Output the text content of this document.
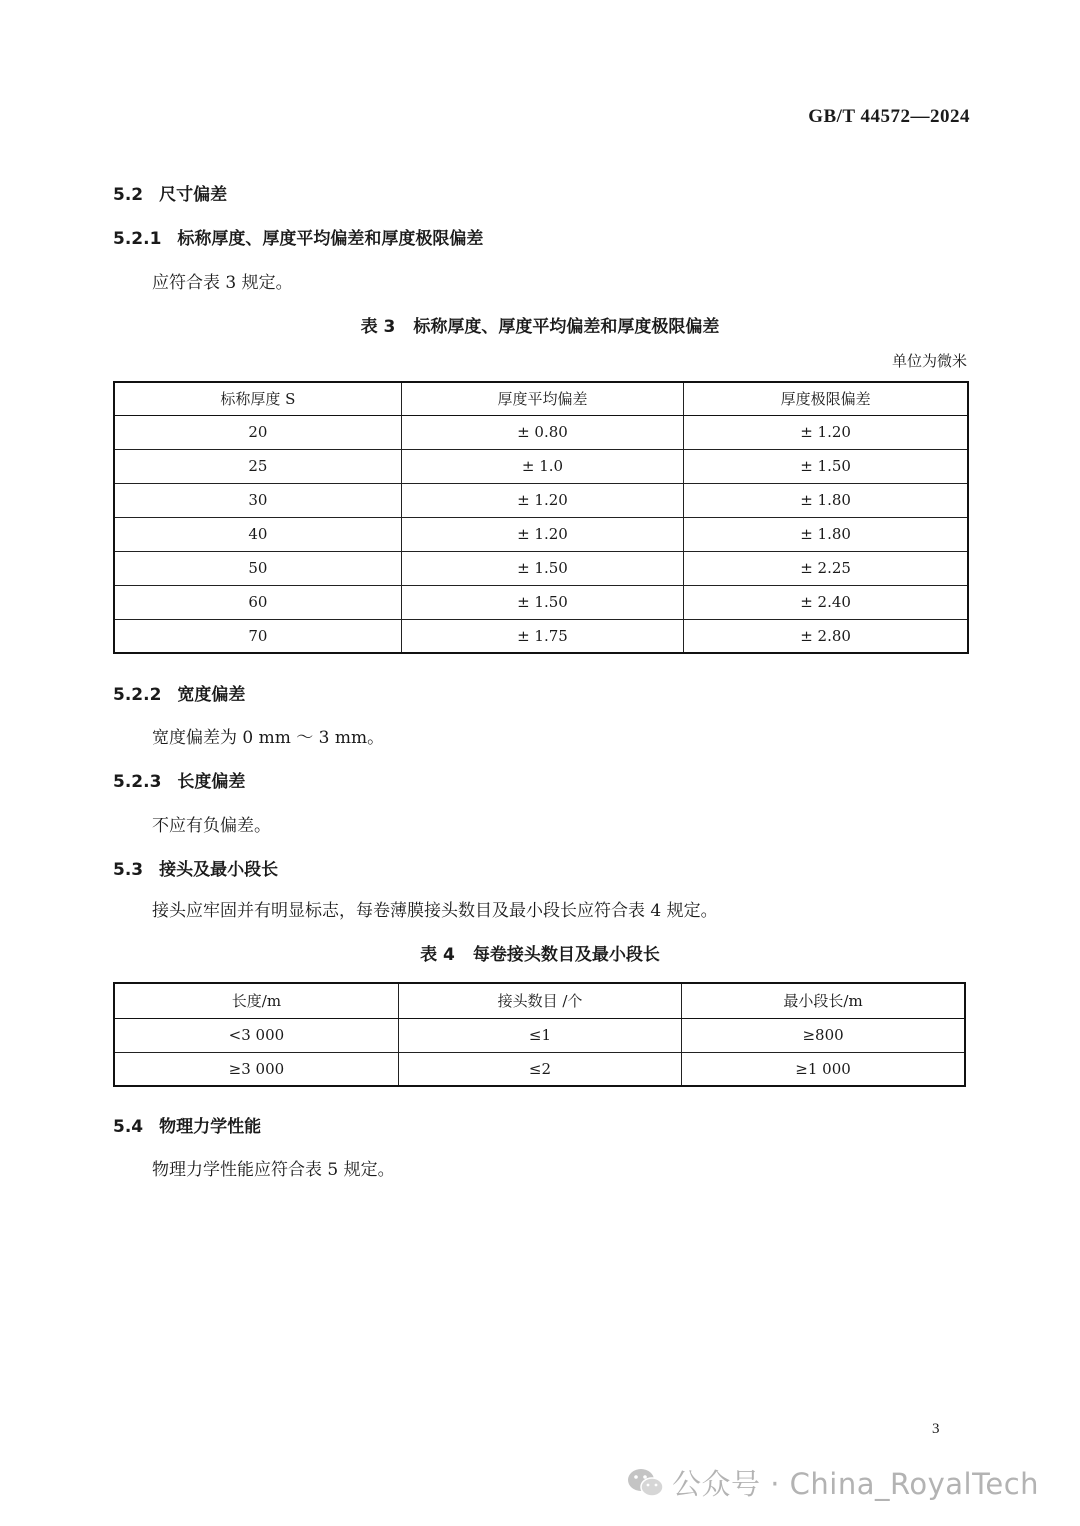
GB/T 44572—2024
5.2 尺寸偏差
5.2.1 标称厚度、厚度平均偏差和厚度极限偏差
应符合表 3 规定。
表 3 标称厚度、厚度平均偏差和厚度极限偏差
单位为微米
标称厚度 S	厚度平均偏差	厚度极限偏差
20	± 0.80	± 1.20
25	± 1.0	± 1.50
30	± 1.20	± 1.80
40	± 1.20	± 1.80
50	± 1.50	± 2.25
60	± 1.50	± 2.40
70	± 1.75	± 2.80
5.2.2 宽度偏差
宽度偏差为 0 mm ～ 3 mm。
5.2.3 长度偏差
不应有负偏差。
5.3 接头及最小段长
接头应牢固并有明显标志，每卷薄膜接头数目及最小段长应符合表 4 规定。
表 4 每卷接头数目及最小段长
长度/m	接头数目 /个	最小段长/m
<3 000	≤1	≥800
≥3 000	≤2	≥1 000
5.4 物理力学性能
物理力学性能应符合表 5 规定。
3
公众号 · China_RoyalTech
